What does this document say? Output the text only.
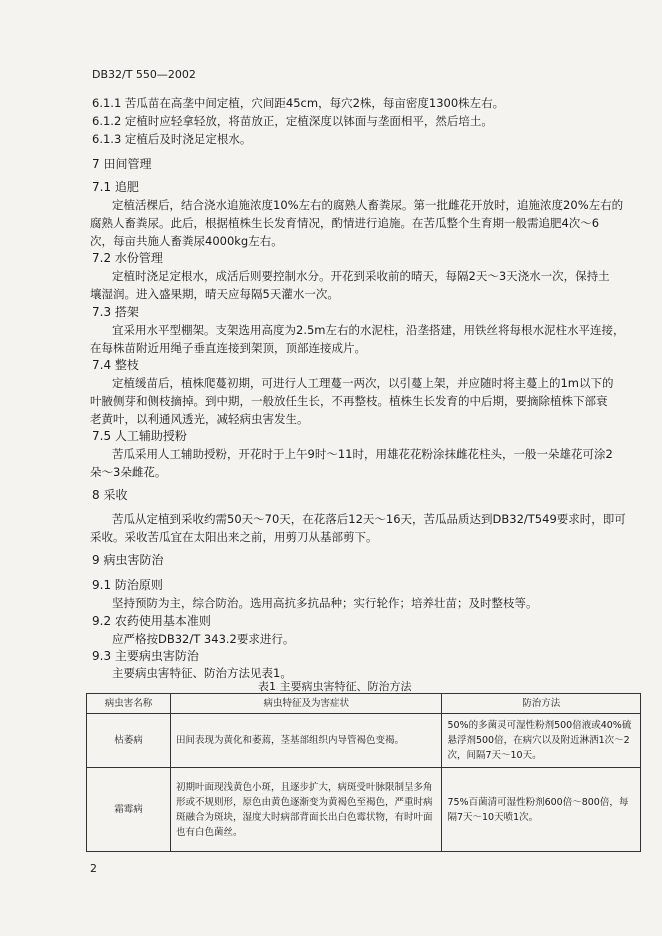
DB32/T 550—2002
6.1.1 苦瓜苗在高垄中间定植，穴间距45cm，每穴2株，每亩密度1300株左右。
6.1.2 定植时应轻拿轻放，将苗放正，定植深度以钵面与垄面相平，然后培土。
6.1.3 定植后及时浇足定根水。
7 田间管理
7.1 追肥
定植活棵后，结合浇水追施浓度10%左右的腐熟人畜粪尿。第一批雌花开放时，追施浓度20%左右的
腐熟人畜粪尿。此后，根据植株生长发育情况，酌情进行追施。在苦瓜整个生育期一般需追肥4次～6
次，每亩共施人畜粪尿4000kg左右。
7.2 水份管理
定植时浇足定根水，成活后则要控制水分。开花到采收前的晴天，每隔2天～3天浇水一次，保持土
壤湿润。进入盛果期，晴天应每隔5天灌水一次。
7.3 搭架
宜采用水平型棚架。支架选用高度为2.5m左右的水泥柱，沿垄搭建，用铁丝将每根水泥柱水平连接，
在每株苗附近用绳子垂直连接到架顶，顶部连接成片。
7.4 整枝
定植缓苗后，植株爬蔓初期，可进行人工理蔓一两次，以引蔓上架，并应随时将主蔓上的1m以下的
叶腋侧芽和侧枝摘掉。到中期，一般放任生长，不再整枝。植株生长发育的中后期，要摘除植株下部衰
老黄叶，以利通风透光，减轻病虫害发生。
7.5 人工辅助授粉
苦瓜采用人工辅助授粉，开花时于上午9时～11时，用雄花花粉涂抹雌花柱头，一般一朵雄花可涂2
朵～3朵雌花。
8 采收
苦瓜从定植到采收约需50天～70天，在花落后12天～16天，苦瓜品质达到DB32/T549要求时，即可
采收。采收苦瓜宜在太阳出来之前，用剪刀从基部剪下。
9 病虫害防治
9.1 防治原则
坚持预防为主，综合防治。选用高抗多抗品种；实行轮作；培养壮苗；及时整枝等。
9.2 农药使用基本准则
应严格按DB32/T 343.2要求进行。
9.3 主要病虫害防治
主要病虫害特征、防治方法见表1。
表1 主要病虫害特征、防治方法
病虫害名称	病虫特征及为害症状	防治方法
枯萎病	田间表现为黄化和萎蔫，茎基部组织内导管褐色变褐。	50%的多菌灵可湿性粉剂500倍液或40%硫悬浮剂500倍，在病穴以及附近淋洒1次～2次，间隔7天～10天。
霜霉病	初期叶面现浅黄色小斑，且逐步扩大，病斑受叶脉限制呈多角形或不规则形，原色由黄色逐渐变为黄褐色至褐色，严重时病斑融合为斑块，湿度大时病部背面长出白色霉状物，有时叶面也有白色菌丝。	75%百菌清可湿性粉剂600倍～800倍，每隔7天～10天喷1次。
2
